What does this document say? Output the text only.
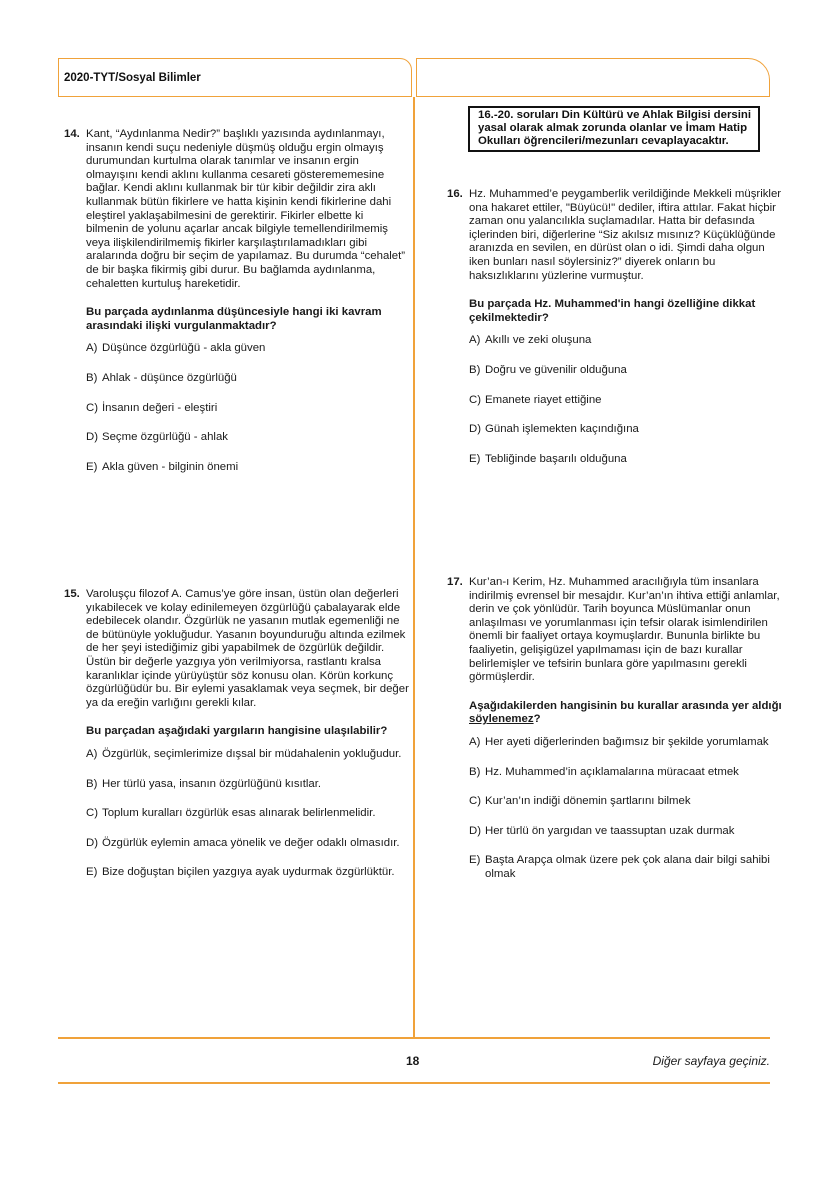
2020-TYT/Sosyal Bilimler
16.-20. soruları Din Kültürü ve Ahlak Bilgisi dersini yasal olarak almak zorunda olanlar ve İmam Hatip Okulları öğrencileri/mezunları cevaplayacaktır.
14. Kant, “Aydınlanma Nedir?” başlıklı yazısında aydınlanmayı, insanın kendi suçu nedeniyle düşmüş olduğu ergin olmayış durumundan kurtulma olarak tanımlar ve insanın ergin olmayışını kendi aklını kullanma cesareti gösterememesine bağlar. Kendi aklını kullanmak bir tür kibir değildir zira aklı kullanmak bütün fikirlere ve hatta kişinin kendi fikirlerine dahi eleştirel yaklaşabilmesini de gerektirir. Fikirler elbette ki bilmenin de yolunu açarlar ancak bilgiyle temellendirilmemiş veya ilişkilendirilmemiş fikirler karşılaştırılamadıkları gibi aralarında doğru bir seçim de yapılamaz. Bu durumda “cehalet” de bir başka fikirmiş gibi durur. Bu bağlamda aydınlanma, cehaletten kurtuluş hareketidir.

Bu parçada aydınlanma düşüncesiyle hangi iki kavram arasındaki ilişki vurgulanmaktadır?
A) Düşünce özgürlüğü - akla güven
B) Ahlak - düşünce özgürlüğü
C) İnsanın değeri - eleştiri
D) Seçme özgürlüğü - ahlak
E) Akla güven - bilginin önemi
15. Varoluşçu filozof A. Camus’ye göre insan, üstün olan değerleri yıkabilecek ve kolay edinilemeyen özgürlüğü çabalayarak elde edebilecek olandır. Özgürlük ne yasanın mutlak egemenliği ne de bütünüyle yokluğudur. Yasanın boyunduruğu altında ezilmek de her şeyi istediğimiz gibi yapabilmek de özgürlük değildir. Üstün bir değerle yazgıya yön verilmiyorsa, rastlantı kralsa karanlıklar içinde yürüyüştür söz konusu olan. Körün korkunç özgürlüğüdür bu. Bir eylemi yasaklamak veya seçmek, bir değer ya da ereğin varlığını gerekli kılar.

Bu parçadan aşağıdaki yargıların hangisine ulaşılabilir?
A) Özgürlük, seçimlerimize dışsal bir müdahalenin yokluğudur.
B) Her türlü yasa, insanın özgürlüğünü kısıtlar.
C) Toplum kuralları özgürlük esas alınarak belirlenmelidir.
D) Özgürlük eylemin amaca yönelik ve değer odaklı olmasıdır.
E) Bize doğuştan biçilen yazgıya ayak uydurmak özgürlüktür.
16. Hz. Muhammed’e peygamberlik verildiğinde Mekkeli müşrikler ona hakaret ettiler, "Büyücü!" dediler, iftira attılar. Fakat hiçbir zaman onu yalancılıkla suçlamadılar. Hatta bir defasında içlerinden biri, diğerlerine “Siz akılsız mısınız? Küçüklüğünde aranızda en sevilen, en dürüst olan o idi. Şimdi daha olgun iken bunları nasıl söylersiniz?” diyerek onların bu haksızlıklarını yüzlerine vurmuştur.

Bu parçada Hz. Muhammed'in hangi özelliğine dikkat çekilmektedir?
A) Akıllı ve zeki oluşuna
B) Doğru ve güvenilir olduğuna
C) Emanete riayet ettiğine
D) Günah işlemekten kaçındığına
E) Tebliğinde başarılı olduğuna
17. Kur’an-ı Kerim, Hz. Muhammed aracılığıyla tüm insanlara indirilmiş evrensel bir mesajdır. Kur’an’ın ihtiva ettiği anlamlar, derin ve çok yönlüdür. Tarih boyunca Müslümanlar onun anlaşılması ve yorumlanması için tefsir olarak isimlendirilen önemli bir faaliyet ortaya koymuşlardır. Bununla birlikte bu faaliyetin, gelişigüzel yapılmaması için de bazı kurallar belirlemişler ve tefsirin bunlara göre yapılmasını gerekli görmüşlerdir.

Aşağıdakilerden hangisinin bu kurallar arasında yer aldığı söylenemez?
A) Her ayeti diğerlerinden bağımsız bir şekilde yorumlamak
B) Hz. Muhammed’in açıklamalarına müracaat etmek
C) Kur’an’ın indiği dönemin şartlarını bilmek
D) Her türlü ön yargıdan ve taassuptan uzak durmak
E) Başta Arapça olmak üzere pek çok alana dair bilgi sahibi olmak
18	Diğer sayfaya geçiniz.
